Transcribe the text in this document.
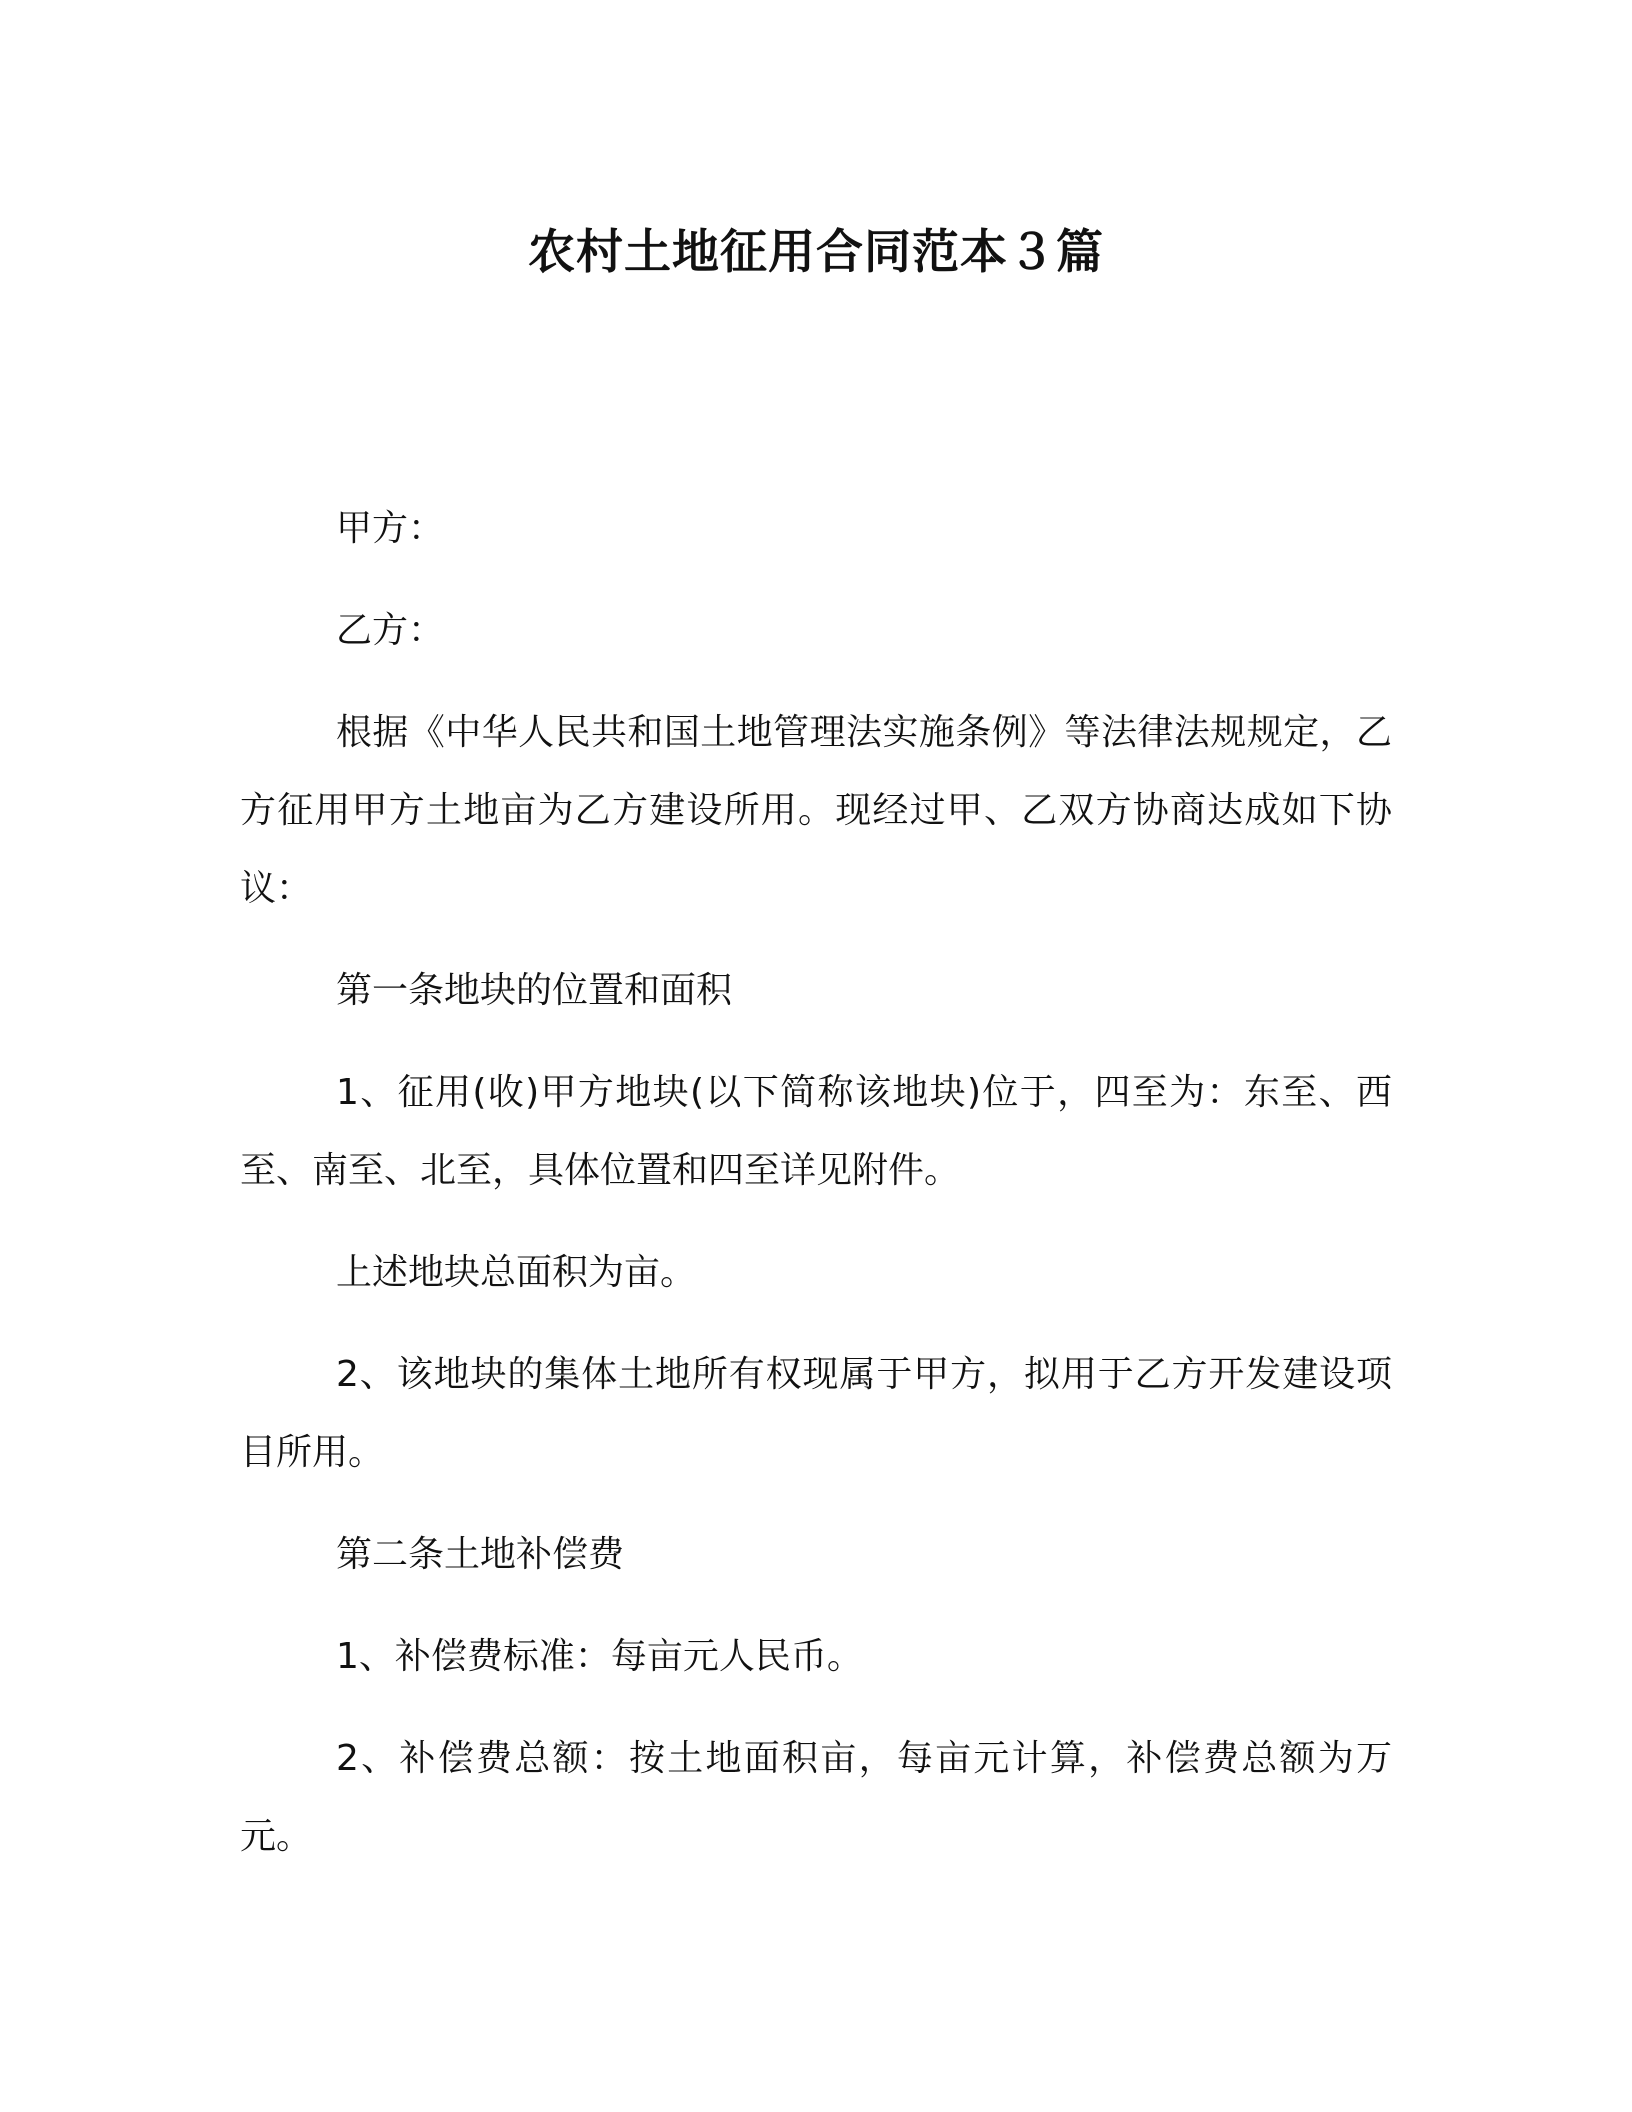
农村土地征用合同范本３篇

甲方：

乙方：

根据《中华人民共和国土地管理法实施条例》等法律法规规定，乙方征用甲方土地亩为乙方建设所用。现经过甲、乙双方协商达成如下协议：

第一条地块的位置和面积

1、征用(收)甲方地块(以下简称该地块)位于，四至为：东至、西至、南至、北至，具体位置和四至详见附件。

上述地块总面积为亩。

2、该地块的集体土地所有权现属于甲方，拟用于乙方开发建设项目所用。

第二条土地补偿费

1、补偿费标准：每亩元人民币。

2、补偿费总额：按土地面积亩，每亩元计算，补偿费总额为万元。
